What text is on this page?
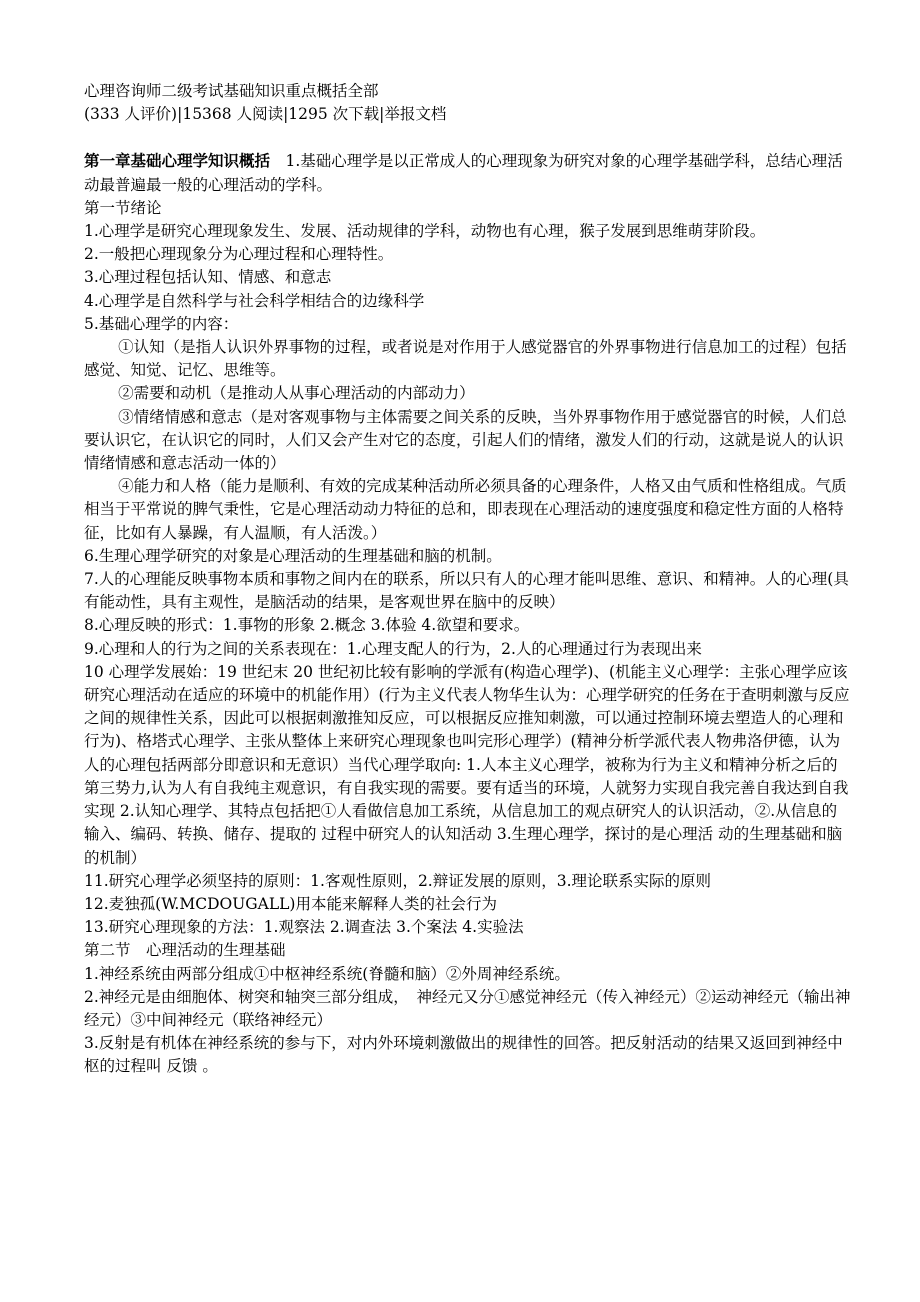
心理咨询师二级考试基础知识重点概括全部

(333 人评价)|15368 人阅读|1295 次下载|举报文档

第一章基础心理学知识概括　1.基础心理学是以正常成人的心理现象为研究对象的心理学基础学科，总结心理活动最普遍最一般的心理活动的学科。

第一节绪论

1.心理学是研究心理现象发生、发展、活动规律的学科，动物也有心理，猴子发展到思维萌芽阶段。

2.一般把心理现象分为心理过程和心理特性。

3.心理过程包括认知、情感、和意志

4.心理学是自然科学与社会科学相结合的边缘科学

5.基础心理学的内容：

①认知（是指人认识外界事物的过程，或者说是对作用于人感觉器官的外界事物进行信息加工的过程）包括感觉、知觉、记忆、思维等。

②需要和动机（是推动人从事心理活动的内部动力）

③情绪情感和意志（是对客观事物与主体需要之间关系的反映，当外界事物作用于感觉器官的时候，人们总要认识它，在认识它的同时，人们又会产生对它的态度，引起人们的情绪，激发人们的行动，这就是说人的认识情绪情感和意志活动一体的）

④能力和人格（能力是顺利、有效的完成某种活动所必须具备的心理条件，人格又由气质和性格组成。气质相当于平常说的脾气秉性，它是心理活动动力特征的总和，即表现在心理活动的速度强度和稳定性方面的人格特征，比如有人暴躁，有人温顺，有人活泼。）

6.生理心理学研究的对象是心理活动的生理基础和脑的机制。

7.人的心理能反映事物本质和事物之间内在的联系，所以只有人的心理才能叫思维、意识、和精神。人的心理(具有能动性，具有主观性，是脑活动的结果，是客观世界在脑中的反映）

8.心理反映的形式：1.事物的形象 2.概念 3.体验 4.欲望和要求。

9.心理和人的行为之间的关系表现在：1.心理支配人的行为，2.人的心理通过行为表现出来

10 心理学发展始：19 世纪末 20 世纪初比较有影响的学派有(构造心理学)、(机能主义心理学：主张心理学应该研究心理活动在适应的环境中的机能作用）(行为主义代表人物华生认为：心理学研究的任务在于查明刺激与反应之间的规律性关系，因此可以根据刺激推知反应，可以根据反应推知刺激，可以通过控制环境去塑造人的心理和行为)、格塔式心理学、主张从整体上来研究心理现象也叫完形心理学）(精神分析学派代表人物弗洛伊德，认为人的心理包括两部分即意识和无意识）当代心理学取向: 1.人本主义心理学，被称为行为主义和精神分析之后的第三势力,认为人有自我纯主观意识，有自我实现的需要。要有适当的环境，人就努力实现自我完善自我达到自我实现 2.认知心理学、其特点包括把①人看做信息加工系统，从信息加工的观点研究人的认识活动，②.从信息的输入、编码、转换、储存、提取的 过程中研究人的认知活动 3.生理心理学，探讨的是心理活 动的生理基础和脑的机制）

11.研究心理学必须坚持的原则：1.客观性原则，2.辩证发展的原则，3.理论联系实际的原则

12.麦独孤(W.MCDOUGALL)用本能来解释人类的社会行为

13.研究心理现象的方法：1.观察法 2.调查法 3.个案法 4.实验法

第二节　心理活动的生理基础

1.神经系统由两部分组成①中枢神经系统(脊髓和脑）②外周神经系统。

2.神经元是由细胞体、树突和轴突三部分组成，　神经元又分①感觉神经元（传入神经元）②运动神经元（输出神经元）③中间神经元（联络神经元）

3.反射是有机体在神经系统的参与下，对内外环境刺激做出的规律性的回答。把反射活动的结果又返回到神经中枢的过程叫 反馈 。
